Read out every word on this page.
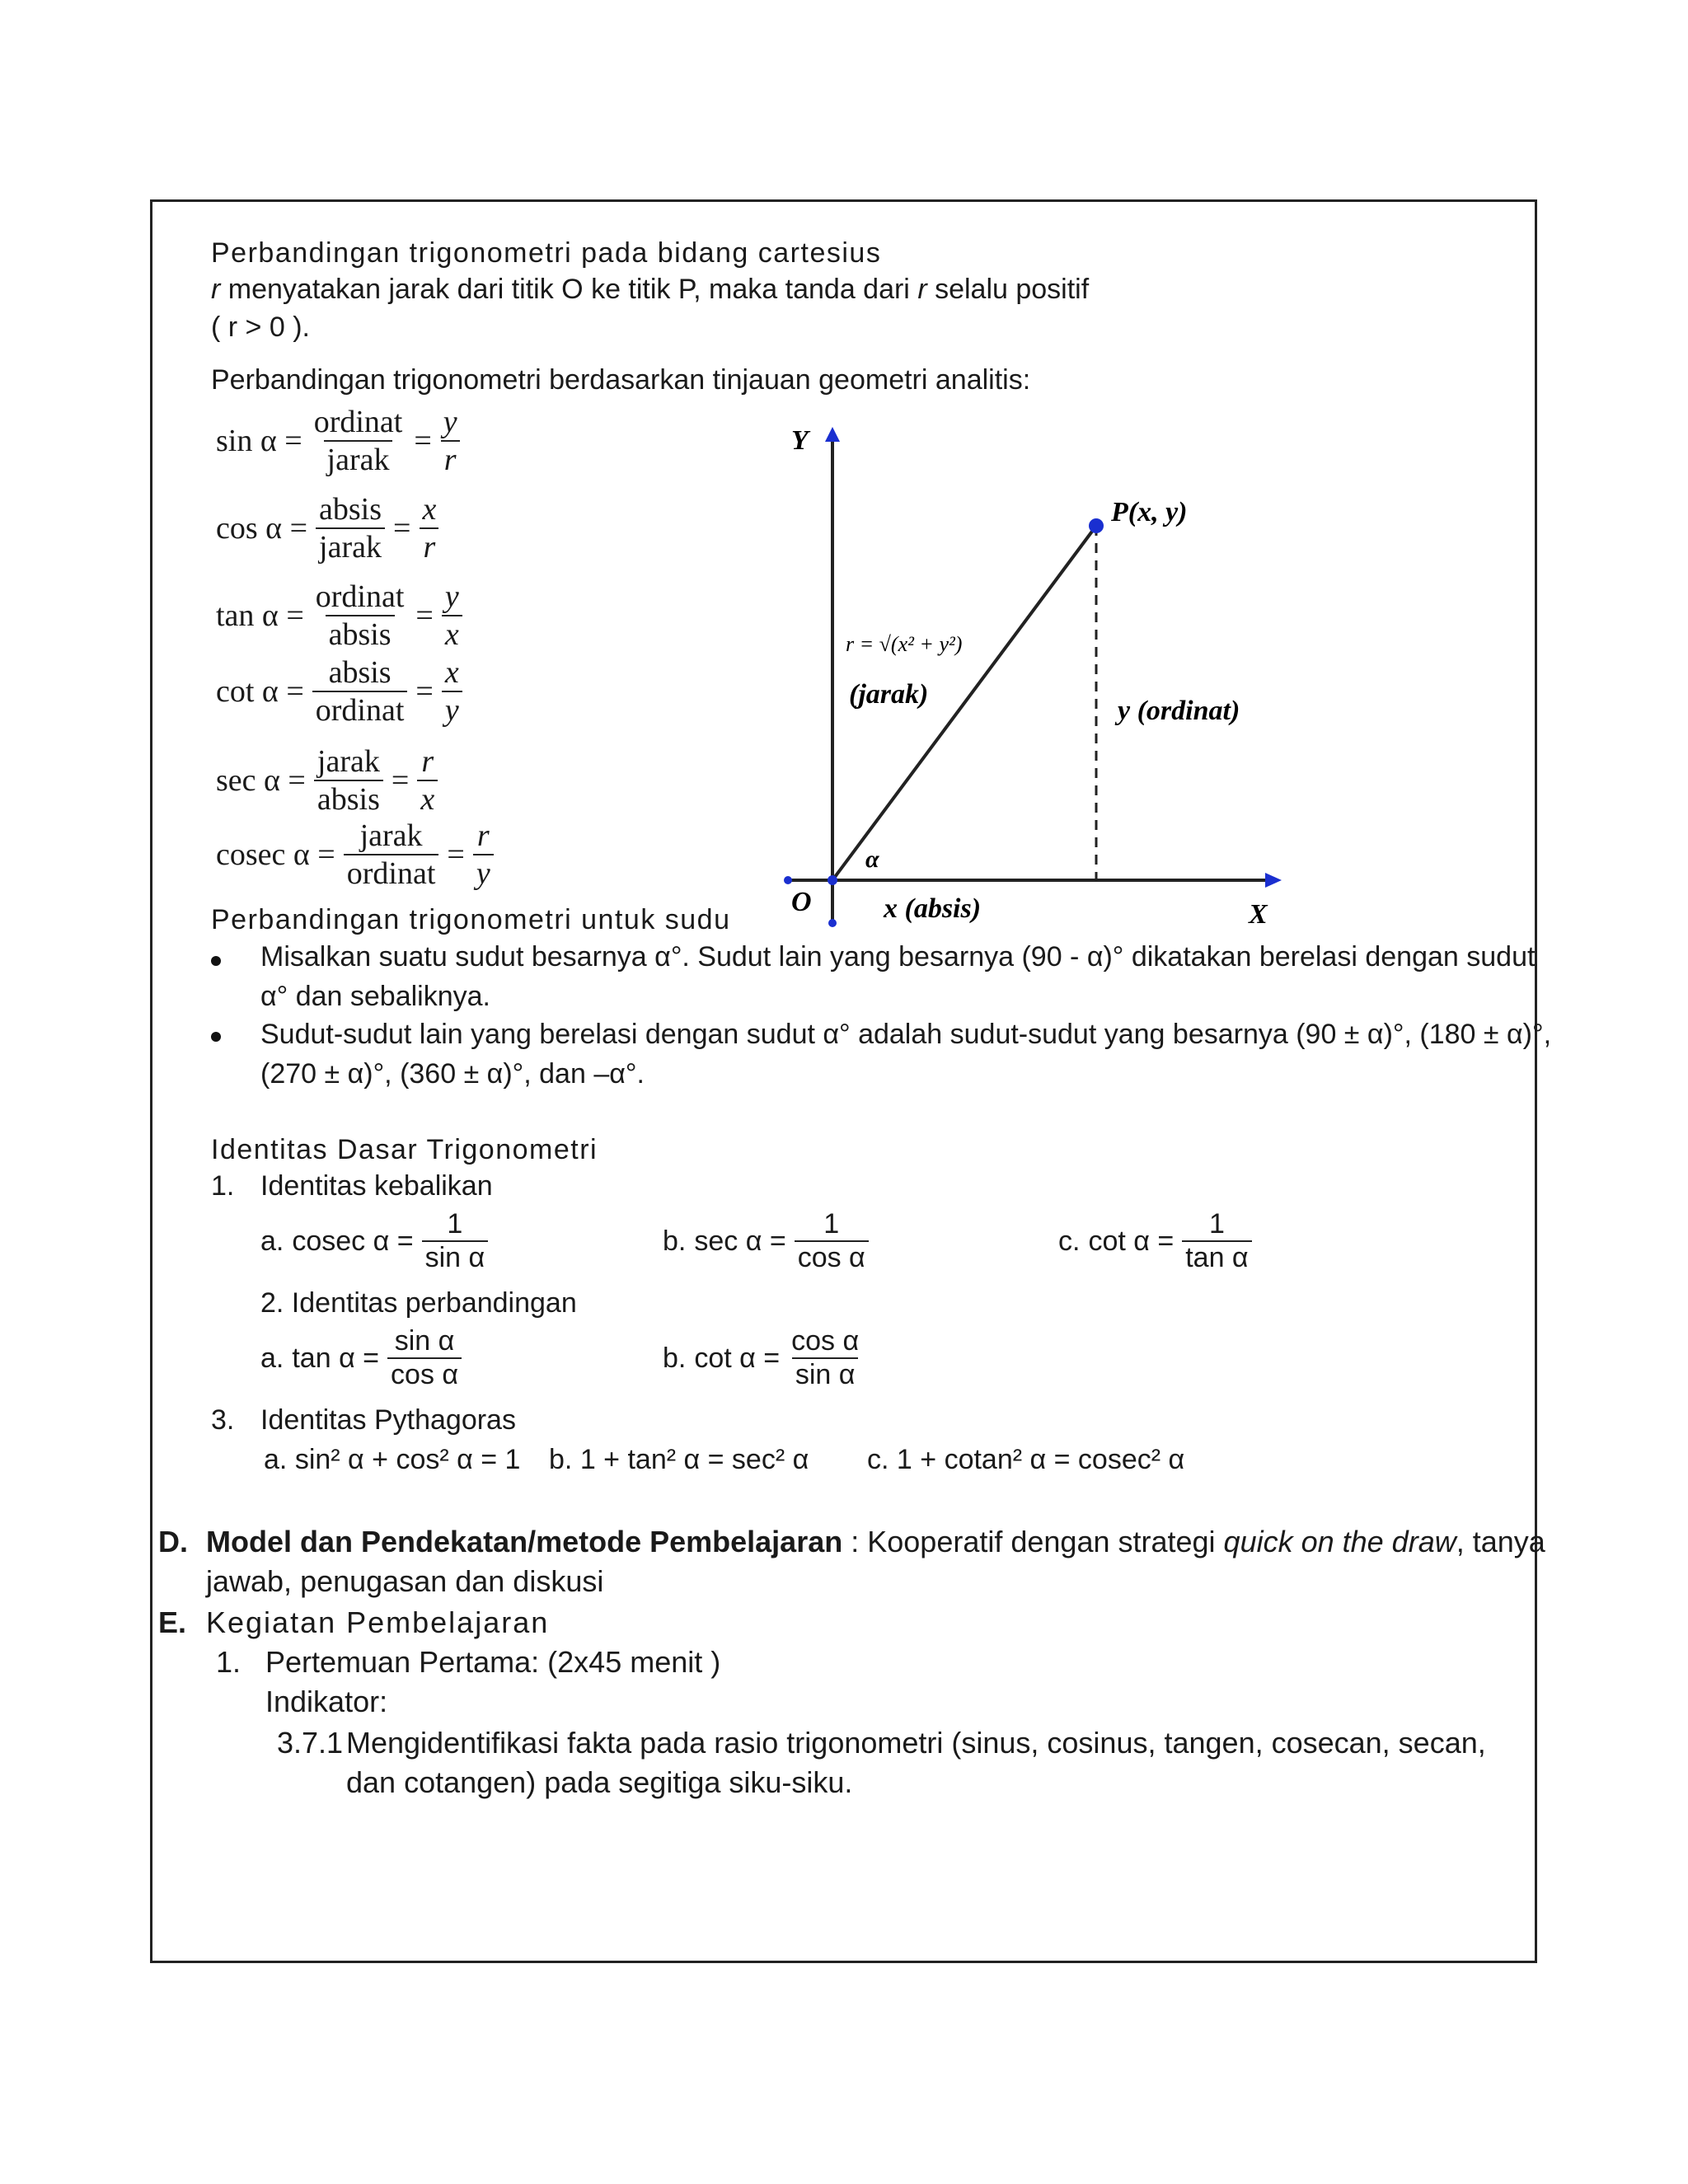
Perbandingan trigonometri pada bidang cartesius
r menyatakan jarak dari titik O ke titik P, maka tanda dari r selalu positif
( r > 0 ).
Perbandingan trigonometri berdasarkan tinjauan geometri analitis:
$\sin \alpha = \frac{\text{ordinat}}{\text{jarak}} = \frac{y}{r}$
$\cos \alpha = \frac{\text{absis}}{\text{jarak}} = \frac{x}{r}$
$\tan \alpha = \frac{\text{ordinat}}{\text{absis}} = \frac{y}{x}$
$\cot \alpha = \frac{\text{absis}}{\text{ordinat}} = \frac{x}{y}$
$\sec \alpha = \frac{\text{jarak}}{\text{absis}} = \frac{r}{x}$
cosec $\alpha = \frac{\text{jarak}}{\text{ordinat}} = \frac{r}{y}$
Y
X
O
P(x, y)
r = √(x² + y²)
(jarak)
y (ordinat)
x (absis)
α
Perbandingan trigonometri untuk sudu
Misalkan suatu sudut besarnya α°. Sudut lain yang besarnya (90 - α)° dikatakan berelasi dengan sudut
α° dan sebaliknya.
Sudut-sudut lain yang berelasi dengan sudut α° adalah sudut-sudut yang besarnya (90 ± α)°, (180 ± α)°,
(270 ± α)°, (360 ± α)°, dan –α°.
Identitas Dasar Trigonometri
1. Identitas kebalikan
a. cosec $\alpha = \frac{1}{\text{sin α}}$	b. $\sec \alpha = \frac{1}{\text{cos α}}$	c. $\cot \alpha = \frac{1}{\text{tan α}}$
2. Identitas perbandingan
a. $\tan \alpha = \frac{\text{sin α}}{\text{cos α}}$	b. $\cot \alpha = \frac{\text{cos α}}{\text{sin α}}$
3. Identitas Pythagoras
a. sin² α + cos² α = 1 b. 1 + tan² α = sec² α c. 1 + cotan² α = cosec² α
D. Model dan Pendekatan/metode Pembelajaran : Kooperatif dengan strategi quick on the draw, tanya
jawab, penugasan dan diskusi
E. Kegiatan Pembelajaran
1. Pertemuan Pertama: (2x45 menit )
Indikator:
3.7.1 Mengidentifikasi fakta pada rasio trigonometri (sinus, cosinus, tangen, cosecan, secan,
dan cotangen) pada segitiga siku-siku.
